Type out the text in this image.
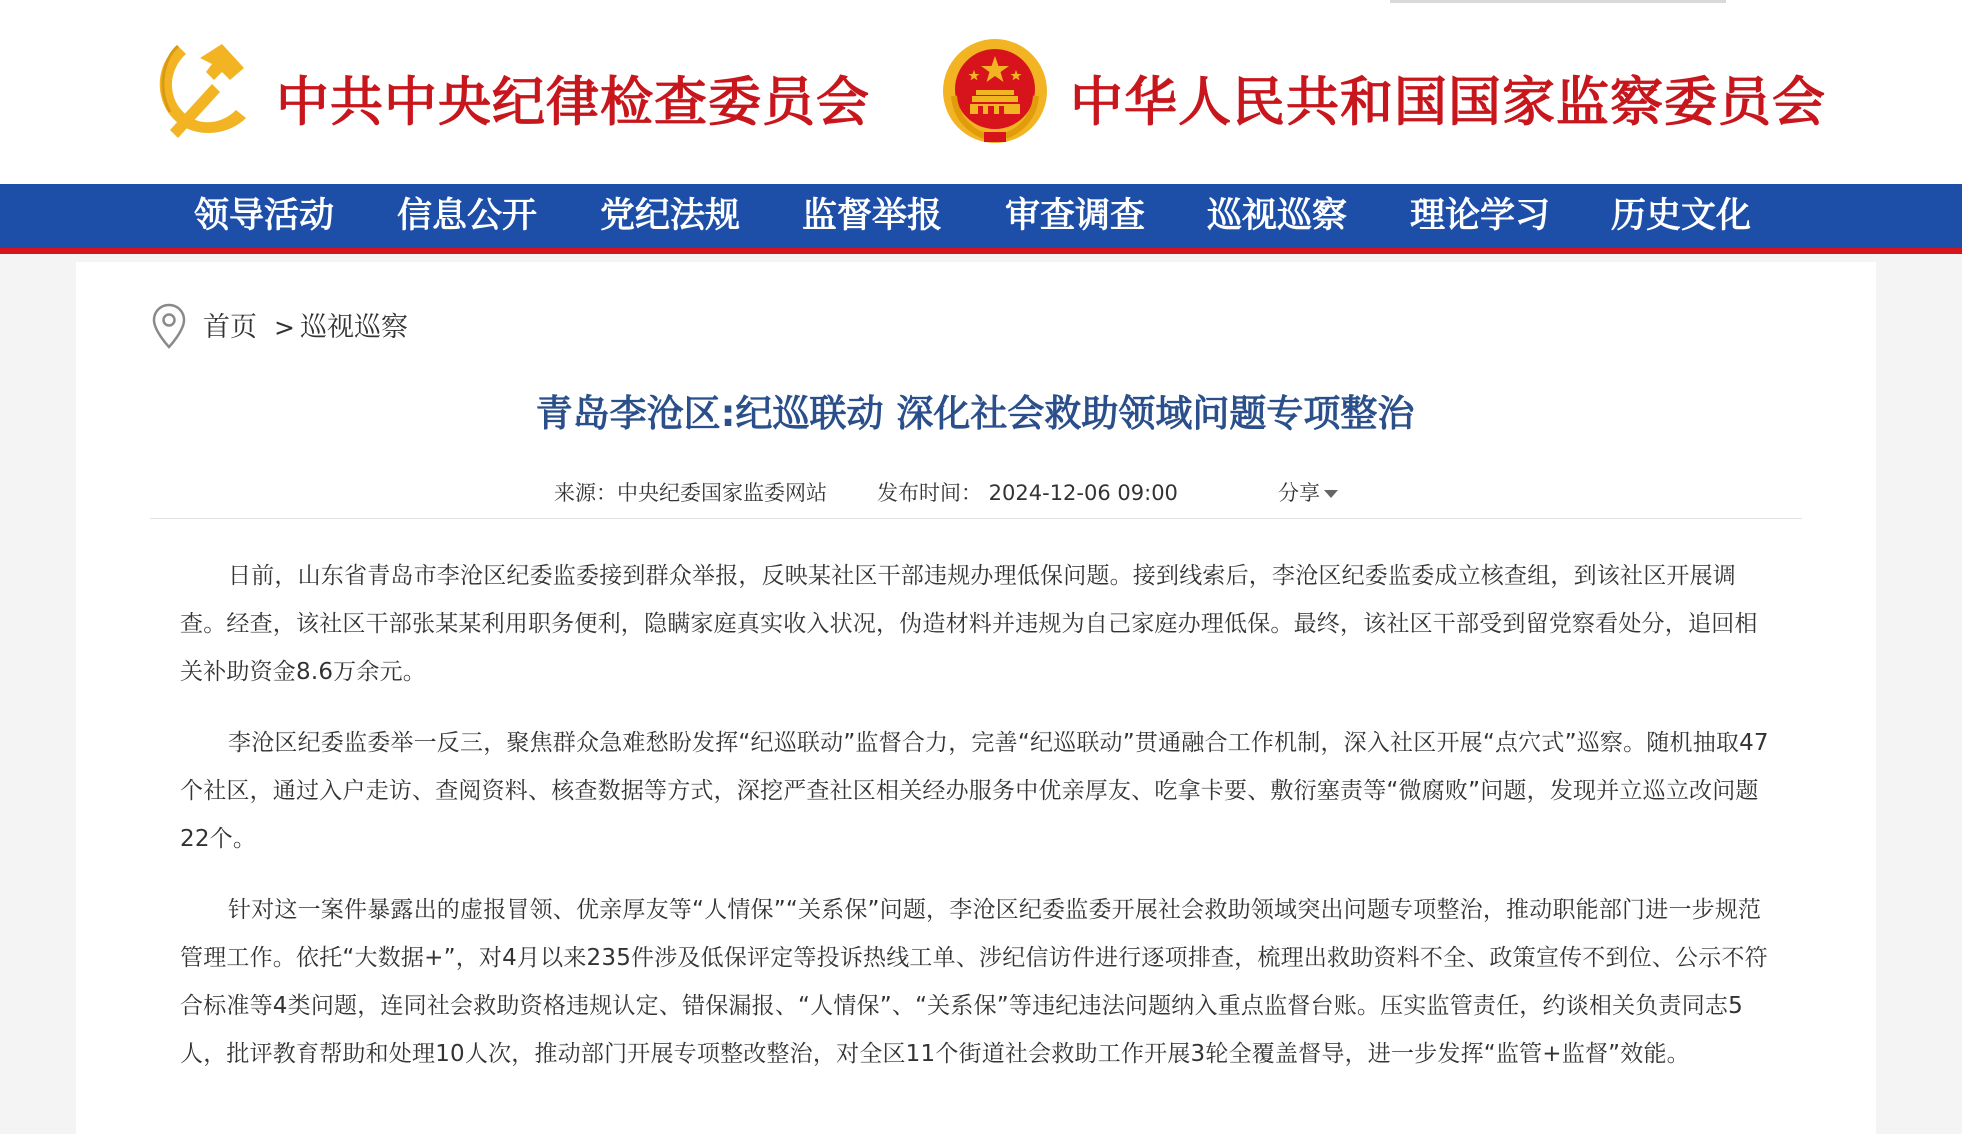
中共中央纪律检查委员会	中华人民共和国国家监察委员会
领导活动 信息公开 党纪法规 监督举报 审查调查 巡视巡察 理论学习 历史文化
首页 > 巡视巡察
青岛李沧区:纪巡联动 深化社会救助领域问题专项整治
来源：中央纪委国家监委网站 发布时间： 2024-12-06 09:00	分享

日前，山东省青岛市李沧区纪委监委接到群众举报，反映某社区干部违规办理低保问题。接到线索后，李沧区纪委监委成立核查组，到该社区开展调查。经查，该社区干部张某某利用职务便利，隐瞒家庭真实收入状况，伪造材料并违规为自己家庭办理低保。最终，该社区干部受到留党察看处分，追回相关补助资金8.6万余元。

李沧区纪委监委举一反三，聚焦群众急难愁盼发挥“纪巡联动”监督合力，完善“纪巡联动”贯通融合工作机制，深入社区开展“点穴式”巡察。随机抽取47个社区，通过入户走访、查阅资料、核查数据等方式，深挖严查社区相关经办服务中优亲厚友、吃拿卡要、敷衍塞责等“微腐败”问题，发现并立巡立改问题22个。

针对这一案件暴露出的虚报冒领、优亲厚友等“人情保”“关系保”问题，李沧区纪委监委开展社会救助领域突出问题专项整治，推动职能部门进一步规范管理工作。依托“大数据+”，对4月以来235件涉及低保评定等投诉热线工单、涉纪信访件进行逐项排查，梳理出救助资料不全、政策宣传不到位、公示不符合标准等4类问题，连同社会救助资格违规认定、错保漏报、“人情保”、“关系保”等违纪违法问题纳入重点监督台账。压实监管责任，约谈相关负责同志5人，批评教育帮助和处理10人次，推动部门开展专项整改整治，对全区11个街道社会救助工作开展3轮全覆盖督导，进一步发挥“监管+监督”效能。
